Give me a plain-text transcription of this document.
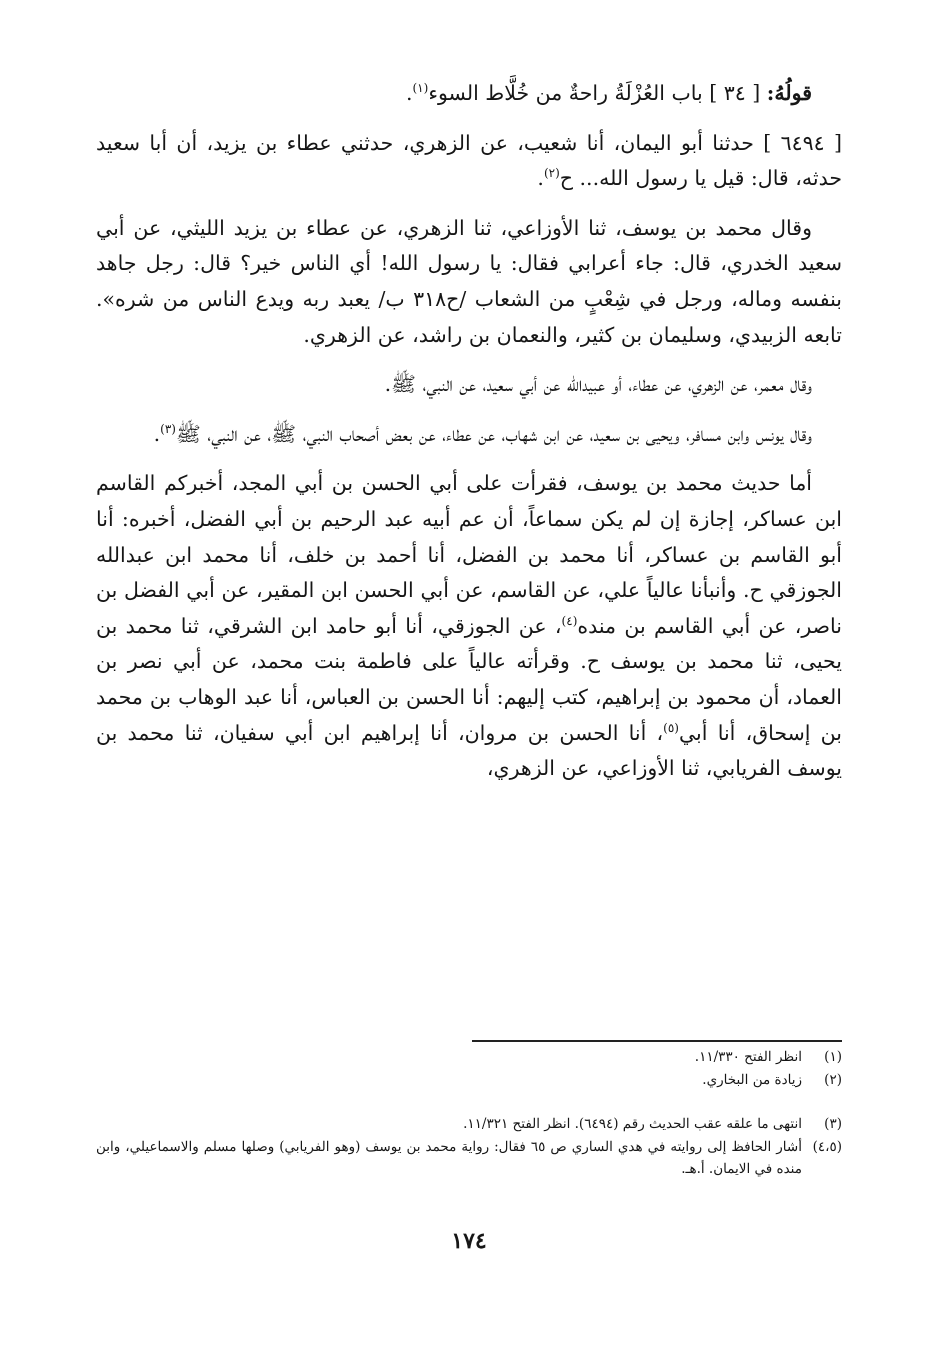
قولُهُ: [ ٣٤ ] باب العُزْلَةُ راحةٌ من خُلَّاط السوء$^{(١)}$.

[ ٦٤٩٤ ] حدثنا أبو اليمان، أنا شعيب، عن الزهري، حدثني عطاء بن يزيد، أن أبا سعيد حدثه، قال: قيل يا رسول الله... ح$^{(٢)}$.

وقال محمد بن يوسف، ثنا الأوزاعي، ثنا الزهري، عن عطاء بن يزيد الليثي، عن أبي سعيد الخدري، قال: جاء أعرابي فقال: يا رسول الله! أي الناس خير؟ قال: رجل جاهد بنفسه وماله، ورجل في شِعْبٍ من الشعاب /ح٣١٨ ب/ يعبد ربه ويدع الناس من شره». تابعه الزبيدي، وسليمان بن كثير، والنعمان بن راشد، عن الزهري.

وقال معمر، عن الزهري، عن عطاء، أو عبيدالله عن أبي سعيد، عن النبي، ﷺ.

وقال يونس وابن مسافر، ويحيى بن سعيد، عن ابن شهاب، عن عطاء، عن بعض أصحاب النبي، ﷺ، عن النبي، ﷺ$^{(٣)}$.

أما حديث محمد بن يوسف، فقرأت على أبي الحسن بن أبي المجد، أخبركم القاسم ابن عساكر، إجازة إن لم يكن سماعاً، أن عم أبيه عبد الرحيم بن أبي الفضل، أخبره: أنا أبو القاسم بن عساكر، أنا محمد بن الفضل، أنا أحمد بن خلف، أنا محمد ابن عبدالله الجوزقي ح. وأنبأنا عالياً علي، عن القاسم، عن أبي الحسن ابن المقير، عن أبي الفضل بن ناصر، عن أبي القاسم بن منده$^{(٤)}$، عن الجوزقي، أنا أبو حامد ابن الشرقي، ثنا محمد بن يحيى، ثنا محمد بن يوسف ح. وقرأته عالياً على فاطمة بنت محمد، عن أبي نصر بن العماد، أن محمود بن إبراهيم، كتب إليهم: أنا الحسن بن العباس، أنا عبد الوهاب بن محمد بن إسحاق، أنا أبي$^{(٥)}$، أنا الحسن بن مروان، أنا إبراهيم ابن أبي سفيان، ثنا محمد بن يوسف الفريابي، ثنا الأوزاعي، عن الزهري،

(١)
انظر الفتح ١١/٣٣٠.
(٢)
زيادة من البخاري.
(٣)
انتهى ما علقه عقب الحديث رقم (٦٤٩٤). انظر الفتح ١١/٣٢١.
(٤،٥)
أشار الحافظ إلى روايته في هدي الساري ص ٦٥ فقال: رواية محمد بن يوسف (وهو الفريابي) وصلها مسلم والاسماعيلي، وابن منده في الايمان. أ.هـ.
١٧٤
